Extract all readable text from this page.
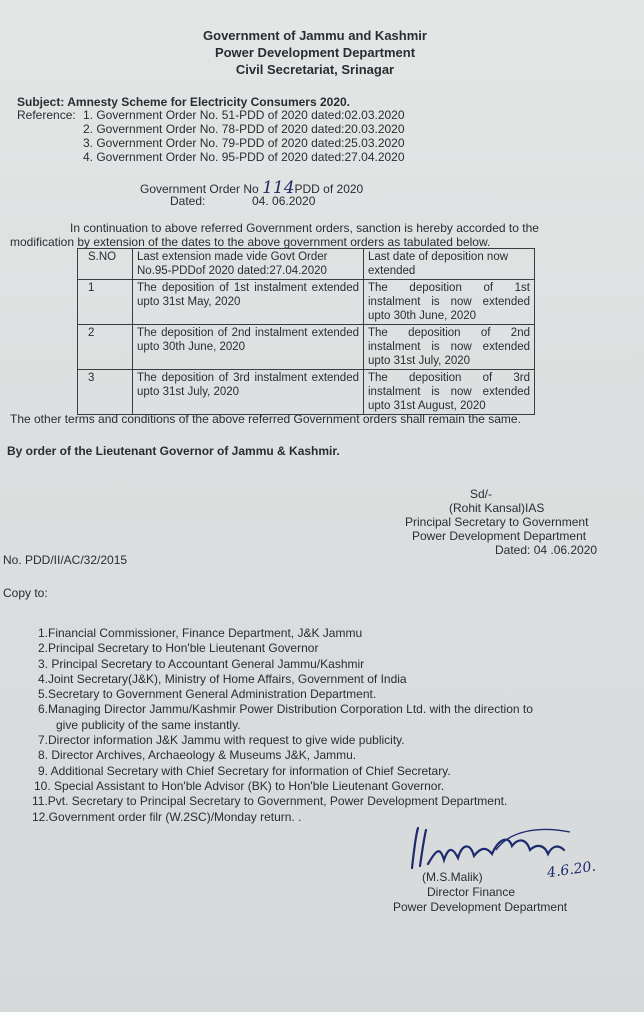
Government of Jammu and Kashmir
Power Development Department
Civil Secretariat, Srinagar
Subject: Amnesty Scheme for Electricity Consumers 2020.
Reference: 1. Government Order No. 51-PDD of 2020 dated:02.03.2020
2. Government Order No. 78-PDD of 2020 dated:20.03.2020
3. Government Order No. 79-PDD of 2020 dated:25.03.2020
4. Government Order No. 95-PDD of 2020 dated:27.04.2020
Government Order No 114PDD of 2020
Dated:	04. 06.2020
In continuation to above referred Government orders, sanction is hereby accorded to the
modification by extension of the dates to the above government orders as tabulated below.
S.NO	Last extension made vide Govt Order No.95-PDDof 2020 dated:27.04.2020	Last date of deposition now extended
1	The deposition of 1st instalment extended upto 31st May, 2020	The deposition of 1st instalment is now extended upto 30th June, 2020
2	The deposition of 2nd instalment extended upto 30th June, 2020	The deposition of 2nd instalment is now extended upto 31st July, 2020
3	The deposition of 3rd instalment extended upto 31st July, 2020	The deposition of 3rd instalment is now extended upto 31st August, 2020
The other terms and conditions of the above referred Government orders shall remain the same.
By order of the Lieutenant Governor of Jammu & Kashmir.
Sd/-
(Rohit Kansal)IAS
Principal Secretary to Government
Power Development Department
Dated: 04 .06.2020
No. PDD/II/AC/32/2015
Copy to:
1.Financial Commissioner, Finance Department, J&K Jammu
2.Principal Secretary to Hon'ble Lieutenant Governor
3. Principal Secretary to Accountant General Jammu/Kashmir
4.Joint Secretary(J&K), Ministry of Home Affairs, Government of India
5.Secretary to Government General Administration Department.
6.Managing Director Jammu/Kashmir Power Distribution Corporation Ltd. with the direction to
give publicity of the same instantly.
7.Director information J&K Jammu with request to give wide publicity.
8. Director Archives, Archaeology & Museums J&K, Jammu.
9. Additional Secretary with Chief Secretary for information of Chief Secretary.
10. Special Assistant to Hon'ble Advisor (BK) to Hon'ble Lieutenant Governor.
11.Pvt. Secretary to Principal Secretary to Government, Power Development Department.
12.Government order filr (W.2SC)/Monday return. .
4.6.20.
(M.S.Malik)
Director Finance
Power Development Department
